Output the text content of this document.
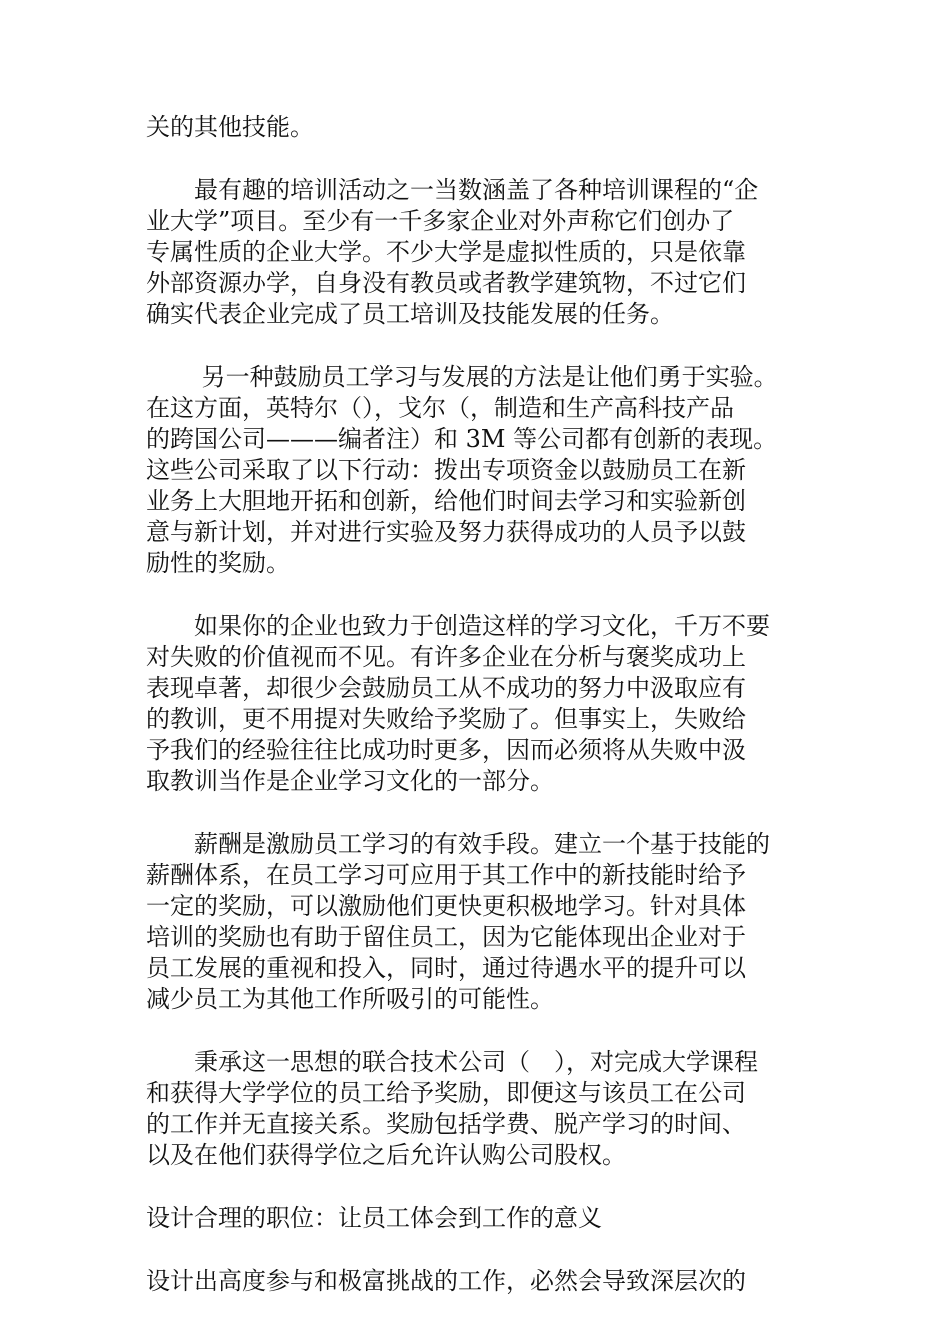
关的其他技能。

　　最有趣的培训活动之一当数涵盖了各种培训课程的“企
业大学”项目。至少有一千多家企业对外声称它们创办了
专属性质的企业大学。不少大学是虚拟性质的，只是依靠
外部资源办学，自身没有教员或者教学建筑物，不过它们
确实代表企业完成了员工培训及技能发展的任务。

　　 另一种鼓励员工学习与发展的方法是让他们勇于实验。
在这方面，英特尔（），戈尔（，制造和生产高科技产品
的跨国公司———编者注）和 3M 等公司都有创新的表现。
这些公司采取了以下行动：拨出专项资金以鼓励员工在新
业务上大胆地开拓和创新，给他们时间去学习和实验新创
意与新计划，并对进行实验及努力获得成功的人员予以鼓
励性的奖励。

　　如果你的企业也致力于创造这样的学习文化，千万不要
对失败的价值视而不见。有许多企业在分析与褒奖成功上
表现卓著，却很少会鼓励员工从不成功的努力中汲取应有
的教训，更不用提对失败给予奖励了。但事实上，失败给
予我们的经验往往比成功时更多，因而必须将从失败中汲
取教训当作是企业学习文化的一部分。

　　薪酬是激励员工学习的有效手段。建立一个基于技能的
薪酬体系，在员工学习可应用于其工作中的新技能时给予
一定的奖励，可以激励他们更快更积极地学习。针对具体
培训的奖励也有助于留住员工，因为它能体现出企业对于
员工发展的重视和投入，同时，通过待遇水平的提升可以
减少员工为其他工作所吸引的可能性。

　　秉承这一思想的联合技术公司（　），对完成大学课程
和获得大学学位的员工给予奖励，即便这与该员工在公司
的工作并无直接关系。奖励包括学费、脱产学习的时间、
以及在他们获得学位之后允许认购公司股权。

设计合理的职位：让员工体会到工作的意义

设计出高度参与和极富挑战的工作，必然会导致深层次的
